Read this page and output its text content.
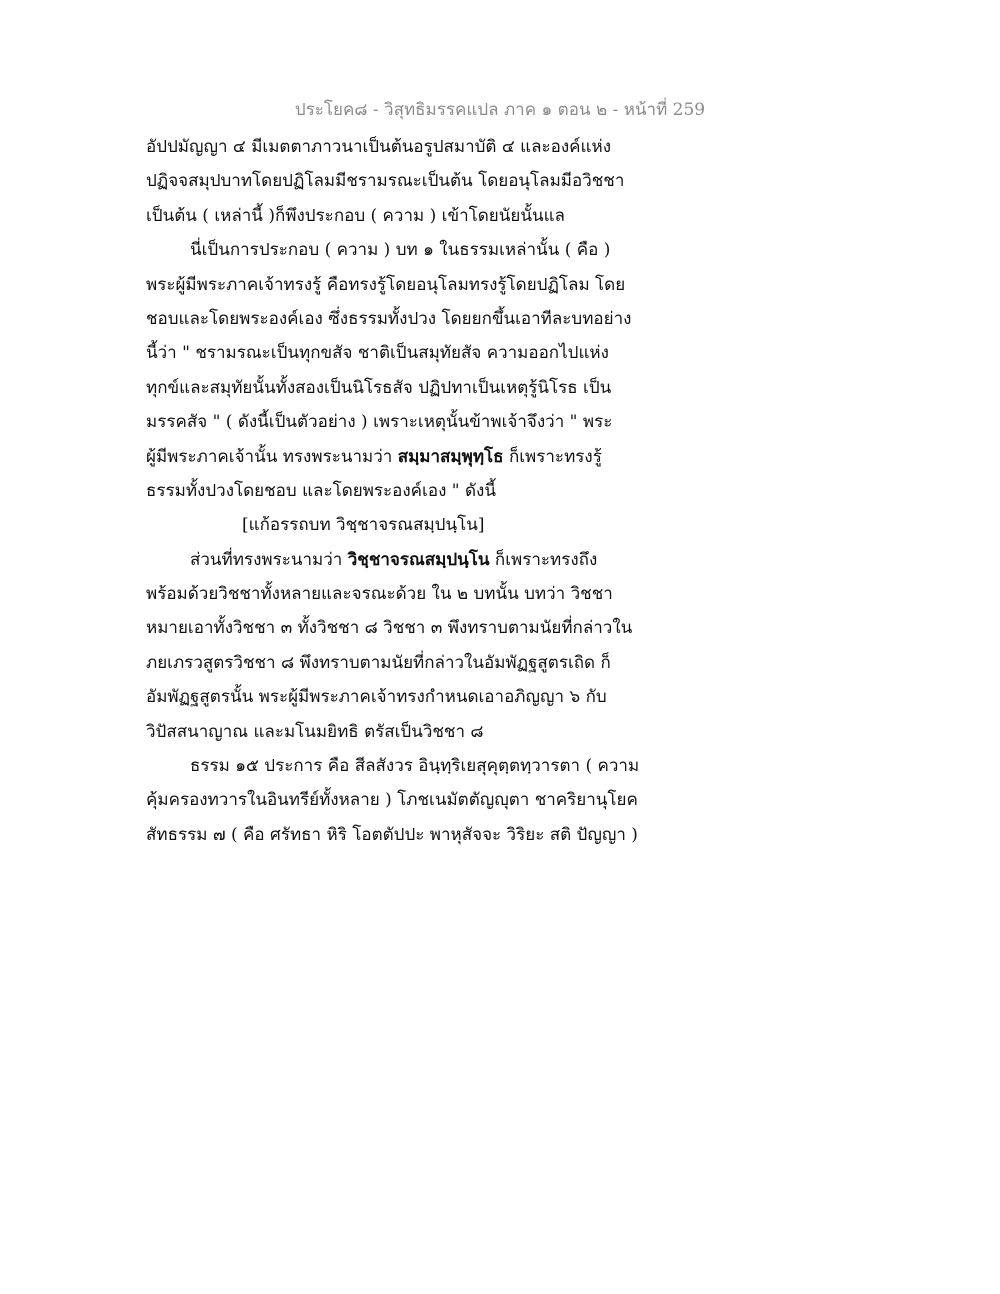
ประโยค๘ - วิสุทธิมรรคแปล ภาค ๑ ตอน ๒ - หน้าที่ 259
อัปปมัญญา ๔ มีเมตตาภาวนาเป็นต้นอรูปสมาบัติ ๔ และองค์แห่ง
ปฏิจจสมุปบาทโดยปฏิโลมมีชรามรณะเป็นต้น โดยอนุโลมมีอวิชชา
เป็นต้น ( เหล่านี้ )ก็พึงประกอบ ( ความ ) เข้าโดยนัยนั้นแล
นี่เป็นการประกอบ ( ความ ) บท ๑ ในธรรมเหล่านั้น ( คือ )
พระผู้มีพระภาคเจ้าทรงรู้ คือทรงรู้โดยอนุโลมทรงรู้โดยปฏิโลม โดย
ชอบและโดยพระองค์เอง ซึ่งธรรมทั้งปวง โดยยกขึ้นเอาทีละบทอย่าง
นี้ว่า " ชรามรณะเป็นทุกขสัจ ชาติเป็นสมุทัยสัจ ความออกไปแห่ง
ทุกข์และสมุทัยนั้นทั้งสองเป็นนิโรธสัจ ปฏิปทาเป็นเหตุรู้นิโรธ เป็น
มรรคสัจ " ( ดังนี้เป็นตัวอย่าง ) เพราะเหตุนั้นข้าพเจ้าจึงว่า " พระ
ผู้มีพระภาคเจ้านั้น ทรงพระนามว่า สมฺมาสมฺพุทฺโธ ก็เพราะทรงรู้
ธรรมทั้งปวงโดยชอบ และโดยพระองค์เอง " ดังนี้
[แก้อรรถบท วิชฺชาจรณสมฺปนฺโน]
ส่วนที่ทรงพระนามว่า วิชฺชาจรณสมฺปนฺโน ก็เพราะทรงถึง
พร้อมด้วยวิชชาทั้งหลายและจรณะด้วย ใน ๒ บทนั้น บทว่า วิชชา
หมายเอาทั้งวิชชา ๓ ทั้งวิชชา ๘ วิชชา ๓ พึงทราบตามนัยที่กล่าวใน
ภยเภรวสูตรวิชชา ๘ พึงทราบตามนัยที่กล่าวในอัมพัฏฐสูตรเถิด ก็
อัมพัฏฐสูตรนั้น พระผู้มีพระภาคเจ้าทรงกำหนดเอาอภิญญา ๖ กับ
วิปัสสนาญาณ และมโนมยิทธิ ตรัสเป็นวิชชา ๘
ธรรม ๑๕ ประการ คือ สีลสังวร อินฺทฺริเยสุคุตฺตทฺวารตา ( ความ
คุ้มครองทวารในอินทรีย์ทั้งหลาย ) โภชเนมัตตัญญุตา ชาคริยานุโยค
สัทธรรม ๗ ( คือ ศรัทธา หิริ โอตตัปปะ พาหุสัจจะ วิริยะ สติ ปัญญา )
